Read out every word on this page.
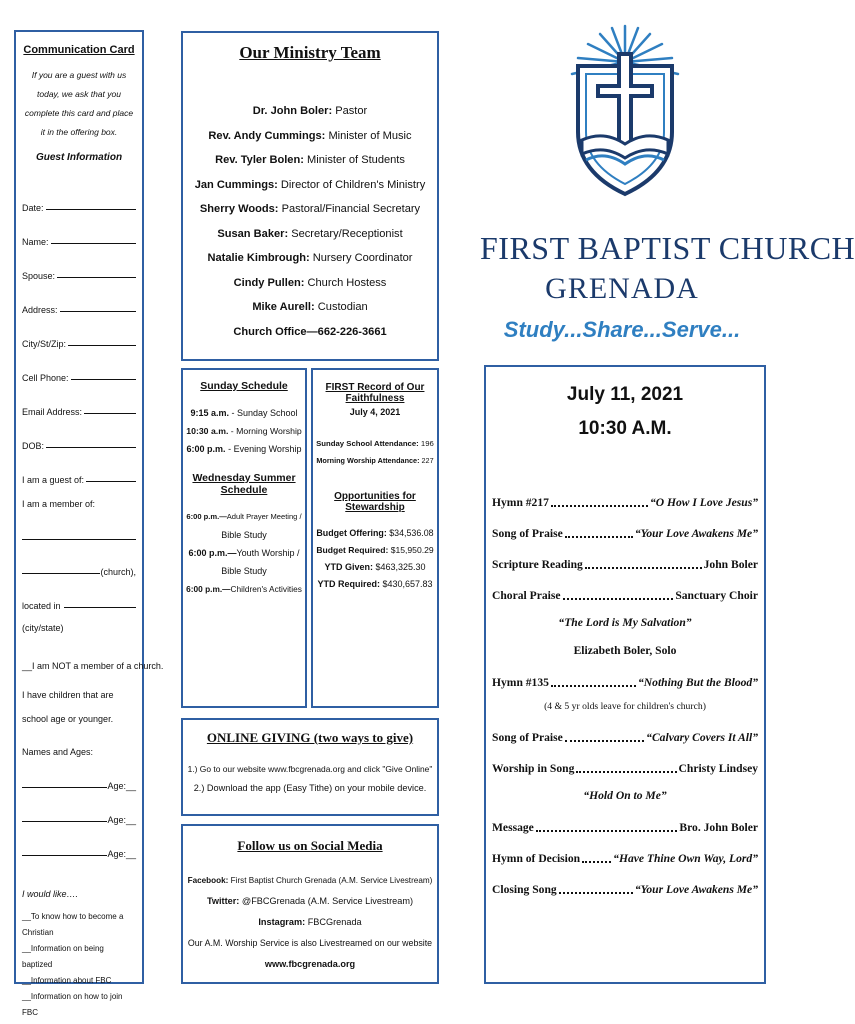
Communication Card
If you are a guest with us today, we ask that you complete this card and place it in the offering box.
Guest Information
Date:
Name:
Spouse:
Address:
City/St/Zip:
Cell Phone:
Email Address:
DOB:
I am a guest of:
I am a member of:
(church),
located in
(city/state)
__I am NOT a member of a church.
I have children that are school age or younger.
Names and Ages:
Age:__
Age:__
Age:__
I would like….
__To know how to become a Christian
__Information on being baptized
__Information about FBC
__Information on how to join FBC
Our Ministry Team
Dr. John Boler: Pastor
Rev. Andy Cummings: Minister of Music
Rev. Tyler Bolen: Minister of Students
Jan Cummings: Director of Children's Ministry
Sherry Woods: Pastoral/Financial Secretary
Susan Baker: Secretary/Receptionist
Natalie Kimbrough: Nursery Coordinator
Cindy Pullen: Church Hostess
Mike Aurell: Custodian
Church Office—662-226-3661
Sunday Schedule
9:15 a.m. - Sunday School
10:30 a.m. - Morning Worship
6:00 p.m. - Evening Worship
Wednesday Summer Schedule
6:00 p.m.—Adult Prayer Meeting /
Bible Study
6:00 p.m.—Youth Worship /
Bible Study
6:00 p.m.—Children's Activities
FIRST Record of Our Faithfulness
July 4, 2021
Sunday School Attendance: 196
Morning Worship Attendance: 227
Opportunities for Stewardship
Budget Offering: $34,536.08
Budget Required: $15,950.29
YTD Given: $463,325.30
YTD Required: $430,657.83
ONLINE GIVING (two ways to give)
1.) Go to our website www.fbcgrenada.org and click "Give Online"
2.) Download the app (Easy Tithe) on your mobile device.
Follow us on Social Media
Facebook: First Baptist Church Grenada (A.M. Service Livestream)
Twitter: @FBCGrenada (A.M. Service Livestream)
Instagram: FBCGrenada
Our A.M. Worship Service is also Livestreamed on our website
www.fbcgrenada.org
FIRST BAPTIST CHURCH
GRENADA
Study...Share...Serve...
July 11, 2021
10:30 A.M.
Hymn #217	“O How I Love Jesus”
Song of Praise	“Your Love Awakens Me”
Scripture Reading	John Boler
Choral Praise	Sanctuary Choir
“The Lord is My Salvation”
Elizabeth Boler, Solo
Hymn #135	“Nothing But the Blood”
(4 & 5 yr olds leave for children's church)
Song of Praise	“Calvary Covers It All”
Worship in Song	Christy Lindsey
“Hold On to Me”
Message	Bro. John Boler
Hymn of Decision	“Have Thine Own Way, Lord”
Closing Song	“Your Love Awakens Me”
